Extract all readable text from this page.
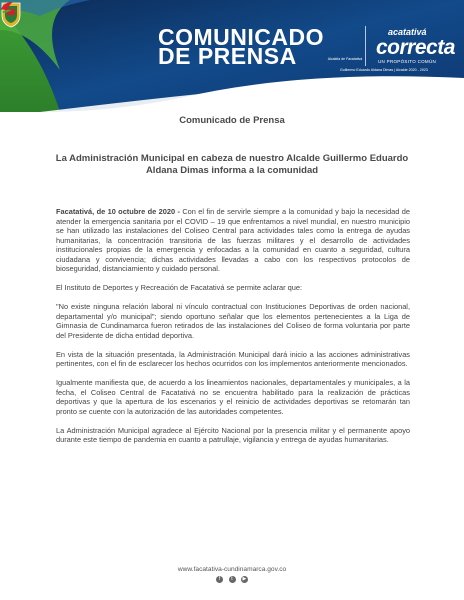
COMUNICADO
DE PRENSA	Alcaldía de Facatativá
acatativá
correcta
UN PROPÓSITO COMÚN
Guillermo Eduardo Aldana Dimas | Alcalde 2020 - 2023
Comunicado de Prensa
La Administración Municipal en cabeza de nuestro Alcalde Guillermo Eduardo Aldana Dimas informa a la comunidad

Facatativá, de 10 octubre de 2020 - Con el fin de servirle siempre a la comunidad y bajo la necesidad de atender la emergencia sanitaria por el COVID – 19 que enfrentamos a nivel mundial, en nuestro municipio se han utilizado las instalaciones del Coliseo Central para actividades tales como la entrega de ayudas humanitarias, la concentración transitoria de las fuerzas militares y el desarrollo de actividades institucionales propias de la emergencia y enfocadas a la comunidad en cuanto a seguridad, cultura ciudadana y convivencia; dichas actividades llevadas a cabo con los respectivos protocolos de bioseguridad, distanciamiento y cuidado personal.

El Instituto de Deportes y Recreación de Facatativá se permite aclarar que:

"No existe ninguna relación laboral ni vínculo contractual con Instituciones Deportivas de orden nacional, departamental y/o municipal"; siendo oportuno señalar que los elementos pertenecientes a la Liga de Gimnasia de Cundinamarca fueron retirados de las instalaciones del Coliseo de forma voluntaria por parte del Presidente de dicha entidad deportiva.

En vista de la situación presentada, la Administración Municipal dará inicio a las acciones administrativas pertinentes, con el fin de esclarecer los hechos ocurridos con los implementos anteriormente mencionados.

Igualmente manifiesta que, de acuerdo a los lineamientos nacionales, departamentales y municipales, a la fecha, el Coliseo Central de Facatativá no se encuentra habilitado para la realización de prácticas deportivas y que la apertura de los escenarios y el reinicio de actividades deportivas se retomarán tan pronto se cuente con la autorización de las autoridades competentes.

La Administración Municipal agradece al Ejército Nacional por la presencia militar y el permanente apoyo durante este tiempo de pandemia en cuanto a patrullaje, vigilancia y entrega de ayudas humanitarias.

www.facatativa-cundinamarca.gov.co
f t ▶
